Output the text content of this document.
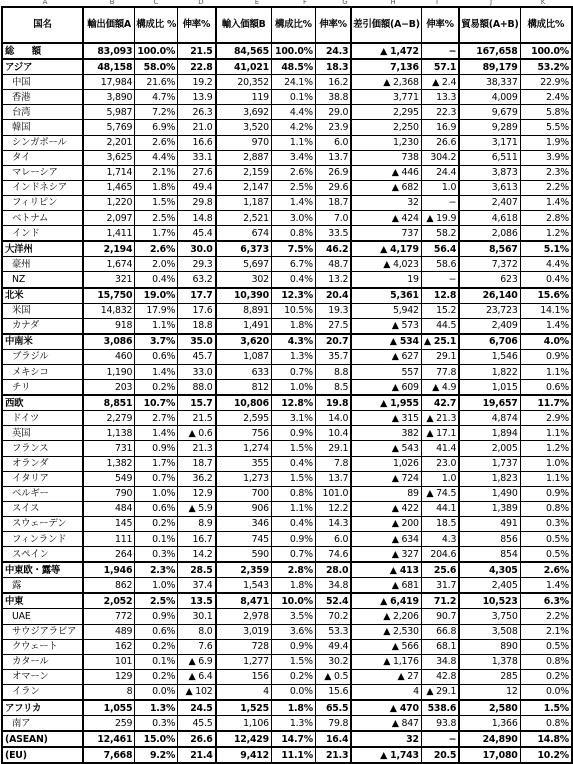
A	B	C	D	E	F	G	H	I	J	K
国名	輸出価額A	構成比 %	伸率%	輸入価額B	構成比%	伸率%	差引価額(A−B)	伸率%	貿易額(A+B)	構成比%
総　額	83,093	100.0%	21.5	84,565	100.0%	24.3	▲ 1,472	−	167,658	100.0%
アジア	48,158	58.0%	22.8	41,021	48.5%	18.3	7,136	57.1	89,179	53.2%
中国	17,984	21.6%	19.2	20,352	24.1%	16.2	▲ 2,368	▲ 2.4	38,337	22.9%
香港	3,890	4.7%	13.9	119	0.1%	38.8	3,771	13.3	4,009	2.4%
台湾	5,987	7.2%	26.3	3,692	4.4%	29.0	2,295	22.3	9,679	5.8%
韓国	5,769	6.9%	21.0	3,520	4.2%	23.9	2,250	16.9	9,289	5.5%
シンガポール	2,201	2.6%	16.6	970	1.1%	6.0	1,230	26.6	3,171	1.9%
タイ	3,625	4.4%	33.1	2,887	3.4%	13.7	738	304.2	6,511	3.9%
マレーシア	1,714	2.1%	27.6	2,159	2.6%	26.9	▲ 446	24.4	3,873	2.3%
インドネシア	1,465	1.8%	49.4	2,147	2.5%	29.6	▲ 682	1.0	3,613	2.2%
フィリピン	1,220	1.5%	29.8	1,187	1.4%	18.7	32	−	2,407	1.4%
ベトナム	2,097	2.5%	14.8	2,521	3.0%	7.0	▲ 424	▲ 19.9	4,618	2.8%
インド	1,411	1.7%	45.4	674	0.8%	33.5	737	58.2	2,086	1.2%
大洋州	2,194	2.6%	30.0	6,373	7.5%	46.2	▲ 4,179	56.4	8,567	5.1%
豪州	1,674	2.0%	29.3	5,697	6.7%	48.7	▲ 4,023	58.6	7,372	4.4%
NZ	321	0.4%	63.2	302	0.4%	13.2	19	−	623	0.4%
北米	15,750	19.0%	17.7	10,390	12.3%	20.4	5,361	12.8	26,140	15.6%
米国	14,832	17.9%	17.6	8,891	10.5%	19.3	5,942	15.2	23,723	14.1%
カナダ	918	1.1%	18.8	1,491	1.8%	27.5	▲ 573	44.5	2,409	1.4%
中南米	3,086	3.7%	35.0	3,620	4.3%	20.7	▲ 534	▲ 25.1	6,706	4.0%
ブラジル	460	0.6%	45.7	1,087	1.3%	35.7	▲ 627	29.1	1,546	0.9%
メキシコ	1,190	1.4%	33.0	633	0.7%	8.8	557	77.8	1,822	1.1%
チリ	203	0.2%	88.0	812	1.0%	8.5	▲ 609	▲ 4.9	1,015	0.6%
西欧	8,851	10.7%	15.7	10,806	12.8%	19.8	▲ 1,955	42.7	19,657	11.7%
ドイツ	2,279	2.7%	21.5	2,595	3.1%	14.0	▲ 315	▲ 21.3	4,874	2.9%
英国	1,138	1.4%	▲ 0.6	756	0.9%	10.4	382	▲ 17.1	1,894	1.1%
フランス	731	0.9%	21.3	1,274	1.5%	29.1	▲ 543	41.4	2,005	1.2%
オランダ	1,382	1.7%	18.7	355	0.4%	7.8	1,026	23.0	1,737	1.0%
イタリア	549	0.7%	36.2	1,273	1.5%	13.7	▲ 724	1.0	1,823	1.1%
ベルギー	790	1.0%	12.9	700	0.8%	101.0	89	▲ 74.5	1,490	0.9%
スイス	484	0.6%	▲ 5.9	906	1.1%	12.2	▲ 422	44.1	1,389	0.8%
スウェーデン	145	0.2%	8.9	346	0.4%	14.3	▲ 200	18.5	491	0.3%
フィンランド	111	0.1%	16.7	745	0.9%	6.0	▲ 634	4.3	856	0.5%
スペイン	264	0.3%	14.2	590	0.7%	74.6	▲ 327	204.6	854	0.5%
中東欧・露等	1,946	2.3%	28.5	2,359	2.8%	28.0	▲ 413	25.6	4,305	2.6%
露	862	1.0%	37.4	1,543	1.8%	34.8	▲ 681	31.7	2,405	1.4%
中東	2,052	2.5%	13.5	8,471	10.0%	52.4	▲ 6,419	71.2	10,523	6.3%
UAE	772	0.9%	30.1	2,978	3.5%	70.2	▲ 2,206	90.7	3,750	2.2%
サウジアラビア	489	0.6%	8.0	3,019	3.6%	53.3	▲ 2,530	66.8	3,508	2.1%
クウェート	162	0.2%	7.6	728	0.9%	49.4	▲ 566	68.1	890	0.5%
カタール	101	0.1%	▲ 6.9	1,277	1.5%	30.2	▲ 1,176	34.8	1,378	0.8%
オマーン	129	0.2%	▲ 6.4	156	0.2%	▲ 0.5	▲ 27	42.8	285	0.2%
イラン	8	0.0%	▲ 102	4	0.0%	15.6	4	▲ 29.1	12	0.0%
アフリカ	1,055	1.3%	24.5	1,525	1.8%	65.5	▲ 470	538.6	2,580	1.5%
南ア	259	0.3%	45.5	1,106	1.3%	79.8	▲ 847	93.8	1,366	0.8%
(ASEAN)	12,461	15.0%	26.6	12,429	14.7%	16.4	32	−	24,890	14.8%
(EU)	7,668	9.2%	21.4	9,412	11.1%	21.3	▲ 1,743	20.5	17,080	10.2%
